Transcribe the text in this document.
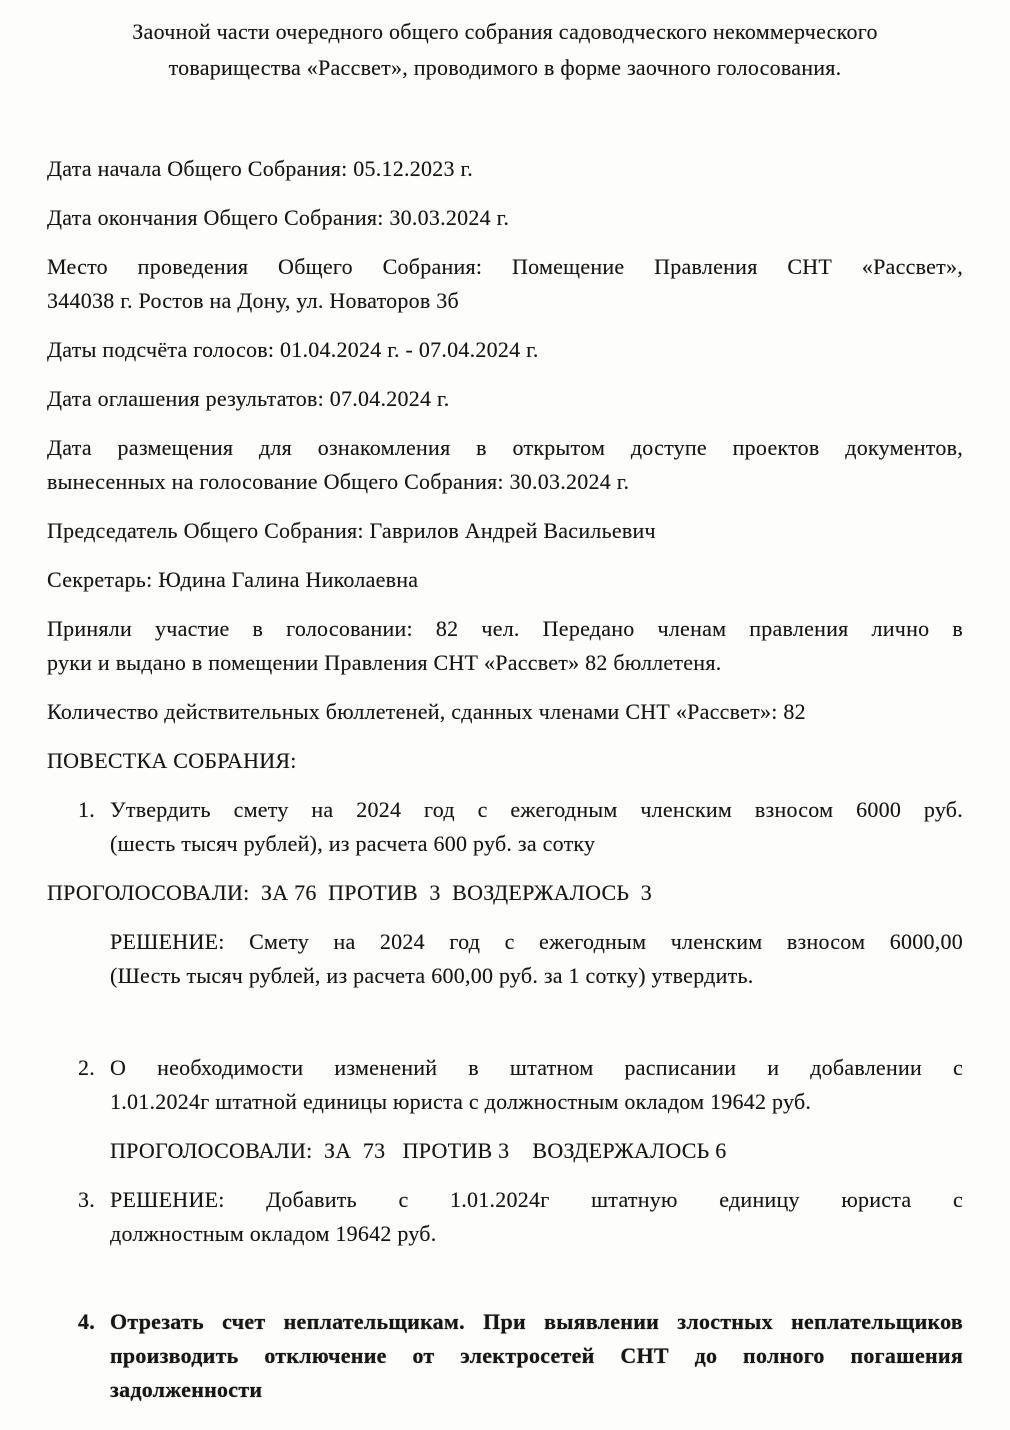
Заочной части очередного общего собрания садоводческого некоммерческого
товарищества «Рассвет», проводимого в форме заочного голосования.
Дата начала Общего Собрания: 05.12.2023 г.
Дата окончания Общего Собрания: 30.03.2024 г.
Место проведения Общего Собрания: Помещение Правления СНТ «Рассвет»,
344038 г. Ростов на Дону, ул. Новаторов 3б
Даты подсчёта голосов: 01.04.2024 г. - 07.04.2024 г.
Дата оглашения результатов: 07.04.2024 г.
Дата размещения для ознакомления в открытом доступе проектов документов,
вынесенных на голосование Общего Собрания: 30.03.2024 г.
Председатель Общего Собрания: Гаврилов Андрей Васильевич
Секретарь: Юдина Галина Николаевна
Приняли участие в голосовании: 82 чел. Передано членам правления лично в
руки и выдано в помещении Правления СНТ «Рассвет» 82 бюллетеня.
Количество действительных бюллетеней, сданных членами СНТ «Рассвет»: 82
ПОВЕСТКА СОБРАНИЯ:
1. Утвердить смету на 2024 год с ежегодным членским взносом 6000 руб.
(шесть тысяч рублей), из расчета 600 руб. за сотку
ПРОГОЛОСОВАЛИ:  ЗА 76  ПРОТИВ  3  ВОЗДЕРЖАЛОСЬ  3
РЕШЕНИЕ: Смету на 2024 год с ежегодным членским взносом 6000,00
(Шесть тысяч рублей, из расчета 600,00 руб. за 1 сотку) утвердить.
2. О необходимости изменений в штатном расписании и добавлении с
1.01.2024г штатной единицы юриста с должностным окладом 19642 руб.
ПРОГОЛОСОВАЛИ:  ЗА  73   ПРОТИВ 3    ВОЗДЕРЖАЛОСЬ 6
3. РЕШЕНИЕ: Добавить с 1.01.2024г штатную единицу юриста с
должностным окладом 19642 руб.
4. Отрезать счет неплательщикам. При выявлении злостных неплательщиков
производить отключение от электросетей СНТ до полного погашения
задолженности
